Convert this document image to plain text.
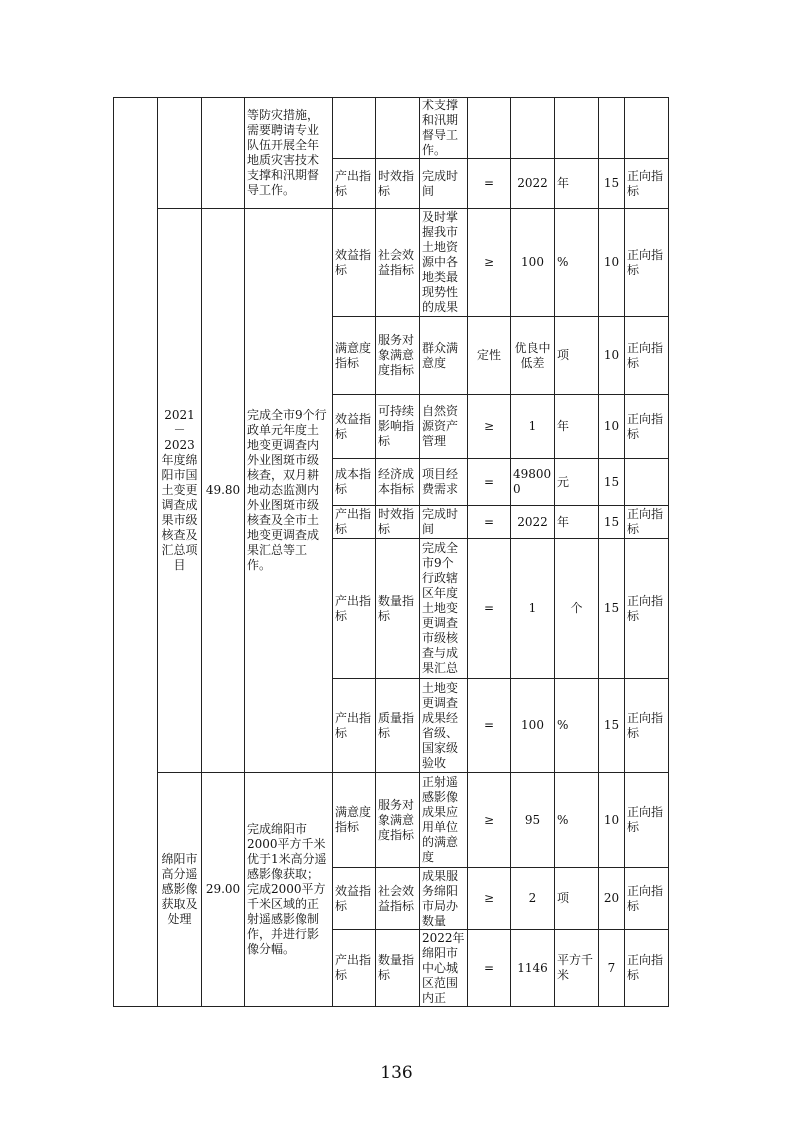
			等防灾措施，需要聘请专业队伍开展全年地质灾害技术支撑和汛期督导工作。			术支撑和汛期督导工作。					
				产出指标	时效指标	完成时间	=	2022	年	15	正向指标
	2021－2023年度绵阳市国土变更调查成果市级核查及汇总项目	49.80	完成全市9个行政单元年度土地变更调查内外业图斑市级核查，双月耕地动态监测内外业图斑市级核查及全市土地变更调查成果汇总等工作。	效益指标	社会效益指标	及时掌握我市土地资源中各地类最现势性的成果	≥	100	%	10	正向指标
				满意度指标	服务对象满意度指标	群众满意度	定性	优良中低差	项	10	正向指标
				效益指标	可持续影响指标	自然资源资产管理	≥	1	年	10	正向指标
				成本指标	经济成本指标	项目经费需求	=	498000	元	15	
				产出指标	时效指标	完成时间	=	2022	年	15	正向指标
				产出指标	数量指标	完成全市9个行政辖区年度土地变更调查市级核查与成果汇总	=	1	个	15	正向指标
				产出指标	质量指标	土地变更调查成果经省级、国家级验收	=	100	%	15	正向指标
	绵阳市高分遥感影像获取及处理	29.00	完成绵阳市2000平方千米优于1米高分遥感影像获取；完成2000平方千米区域的正射遥感影像制作，并进行影像分幅。	满意度指标	服务对象满意度指标	正射遥感影像成果应用单位的满意度	≥	95	%	10	正向指标
				效益指标	社会效益指标	成果服务绵阳市局办数量	≥	2	项	20	正向指标
				产出指标	数量指标	2022年绵阳市中心城区范围内正	=	1146	平方千米	7	正向指标
136
